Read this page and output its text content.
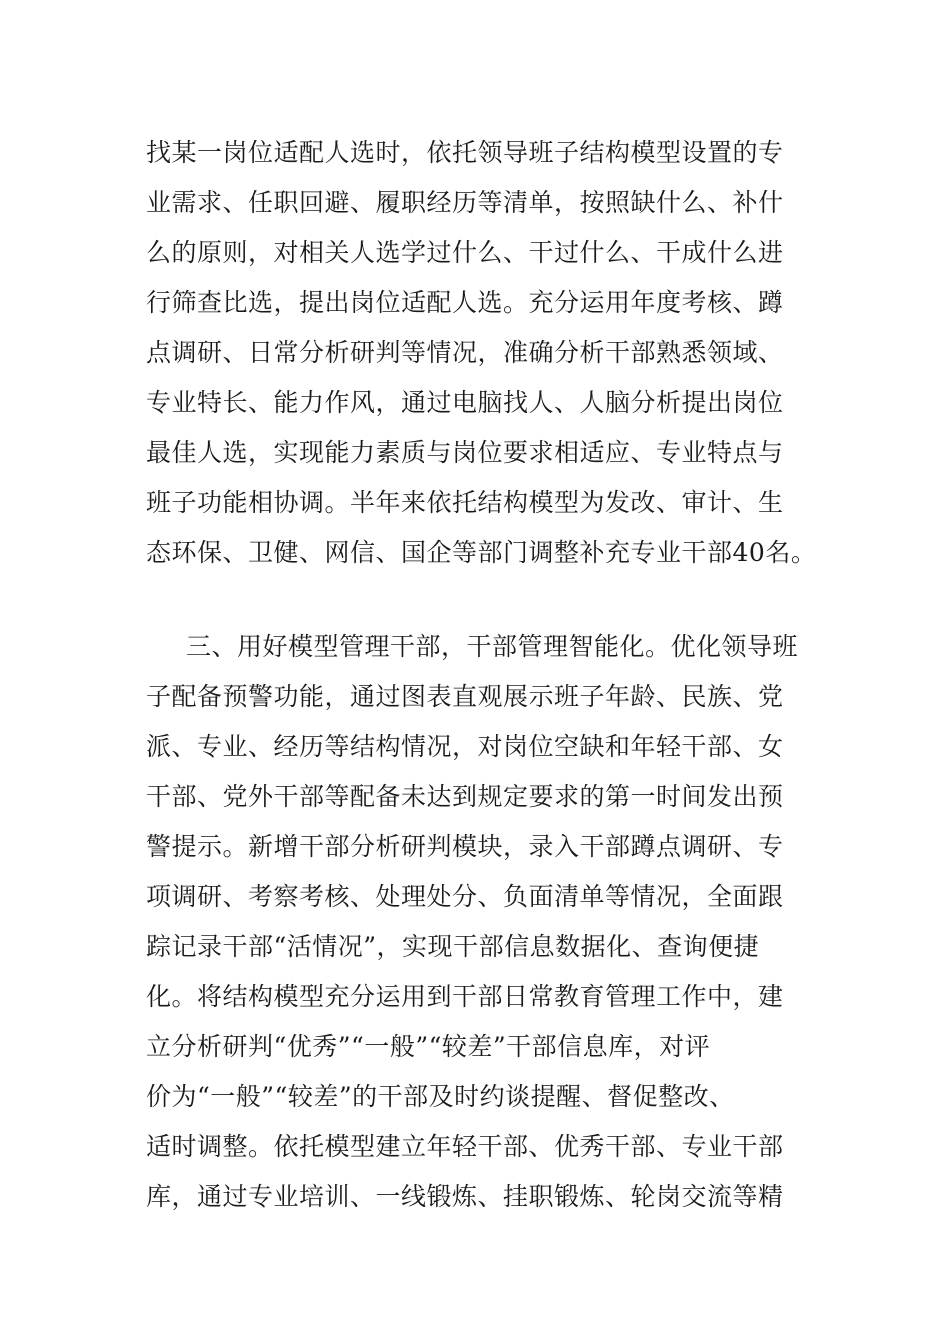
找某一岗位适配人选时，依托领导班子结构模型设置的专
业需求、任职回避、履职经历等清单，按照缺什么、补什
么的原则，对相关人选学过什么、干过什么、干成什么进
行筛查比选，提出岗位适配人选。充分运用年度考核、蹲
点调研、日常分析研判等情况，准确分析干部熟悉领域、
专业特长、能力作风，通过电脑找人、人脑分析提出岗位
最佳人选，实现能力素质与岗位要求相适应、专业特点与
班子功能相协调。半年来依托结构模型为发改、审计、生
态环保、卫健、网信、国企等部门调整补充专业干部40名。
三、用好模型管理干部，干部管理智能化。优化领导班
子配备预警功能，通过图表直观展示班子年龄、民族、党
派、专业、经历等结构情况，对岗位空缺和年轻干部、女
干部、党外干部等配备未达到规定要求的第一时间发出预
警提示。新增干部分析研判模块，录入干部蹲点调研、专
项调研、考察考核、处理处分、负面清单等情况，全面跟
踪记录干部“活情况”，实现干部信息数据化、查询便捷
化。将结构模型充分运用到干部日常教育管理工作中，建
立分析研判“优秀”“一般”“较差”干部信息库，对评
价为“一般”“较差”的干部及时约谈提醒、督促整改、
适时调整。依托模型建立年轻干部、优秀干部、专业干部
库，通过专业培训、一线锻炼、挂职锻炼、轮岗交流等精
